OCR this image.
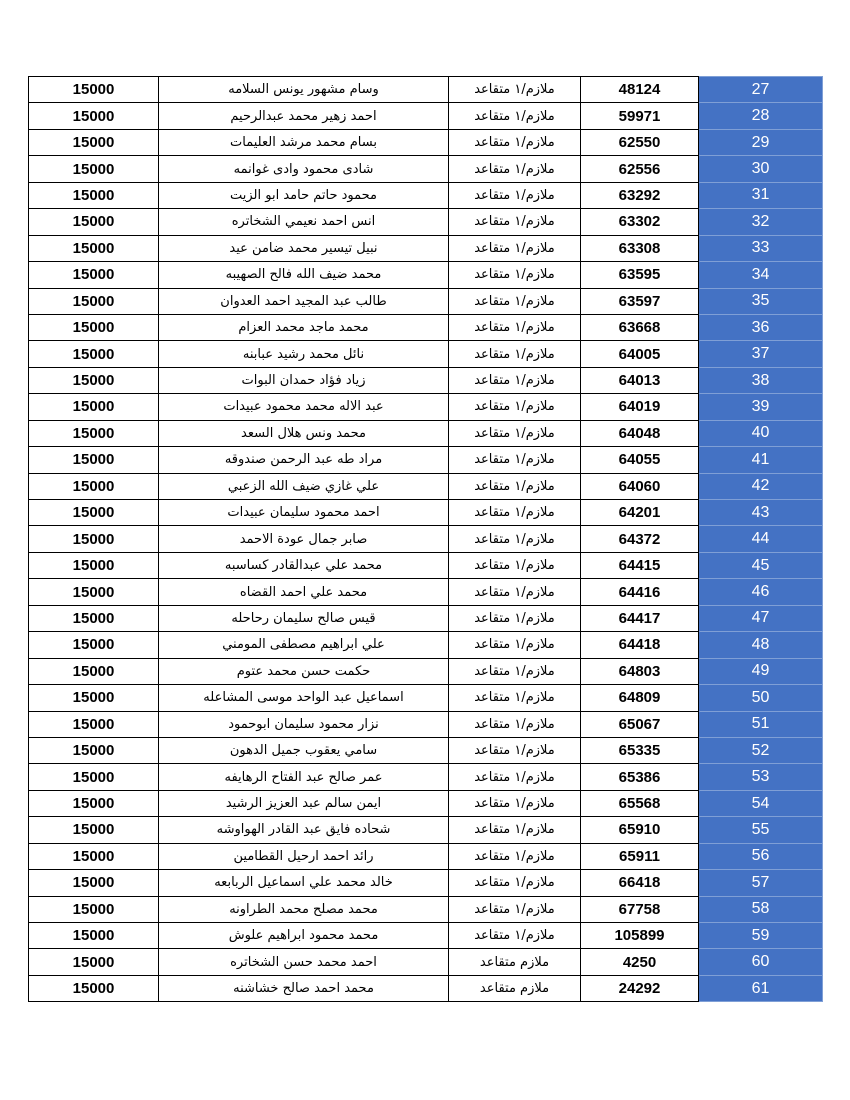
15000	وسام مشهور يونس السلامه	ملازم/١ متقاعد	48124	27
15000	احمد زهير محمد عبدالرحيم	ملازم/١ متقاعد	59971	28
15000	بسام محمد مرشد العليمات	ملازم/١ متقاعد	62550	29
15000	شادى محمود وادى غوانمه	ملازم/١ متقاعد	62556	30
15000	محمود حاتم حامد ابو الزيت	ملازم/١ متقاعد	63292	31
15000	انس احمد نعيمي الشخاتره	ملازم/١ متقاعد	63302	32
15000	نبيل تيسير محمد ضامن عيد	ملازم/١ متقاعد	63308	33
15000	محمد ضيف الله فالح الصهيبه	ملازم/١ متقاعد	63595	34
15000	طالب عبد المجيد احمد العدوان	ملازم/١ متقاعد	63597	35
15000	محمد ماجد محمد العزام	ملازم/١ متقاعد	63668	36
15000	نائل محمد رشيد عبابنه	ملازم/١ متقاعد	64005	37
15000	زياد فؤاد حمدان البوات	ملازم/١ متقاعد	64013	38
15000	عبد الاله محمد محمود عبيدات	ملازم/١ متقاعد	64019	39
15000	محمد ونس هلال السعد	ملازم/١ متقاعد	64048	40
15000	مراد طه عبد الرحمن صندوقه	ملازم/١ متقاعد	64055	41
15000	علي غازي ضيف الله الزعبي	ملازم/١ متقاعد	64060	42
15000	احمد محمود سليمان عبيدات	ملازم/١ متقاعد	64201	43
15000	صابر جمال عودة الاحمد	ملازم/١ متقاعد	64372	44
15000	محمد علي عبدالقادر كساسبه	ملازم/١ متقاعد	64415	45
15000	محمد علي احمد القضاه	ملازم/١ متقاعد	64416	46
15000	قيس صالح سليمان رحاحله	ملازم/١ متقاعد	64417	47
15000	علي ابراهيم مصطفى المومني	ملازم/١ متقاعد	64418	48
15000	حكمت حسن محمد عتوم	ملازم/١ متقاعد	64803	49
15000	اسماعيل عبد الواحد موسى المشاعله	ملازم/١ متقاعد	64809	50
15000	نزار محمود سليمان ابوحمود	ملازم/١ متقاعد	65067	51
15000	سامي يعقوب جميل الدهون	ملازم/١ متقاعد	65335	52
15000	عمر صالح عبد الفتاح الرهايفه	ملازم/١ متقاعد	65386	53
15000	ايمن سالم عبد العزيز الرشيد	ملازم/١ متقاعد	65568	54
15000	شحاده فايق عبد القادر الهواوشه	ملازم/١ متقاعد	65910	55
15000	رائد احمد ارحيل القطامين	ملازم/١ متقاعد	65911	56
15000	خالد محمد علي اسماعيل الربابعه	ملازم/١ متقاعد	66418	57
15000	محمد مصلح محمد الطراونه	ملازم/١ متقاعد	67758	58
15000	محمد محمود ابراهيم علوش	ملازم/١ متقاعد	105899	59
15000	احمد محمد حسن الشخاتره	ملازم متقاعد	4250	60
15000	محمد احمد صالح خشاشنه	ملازم متقاعد	24292	61
